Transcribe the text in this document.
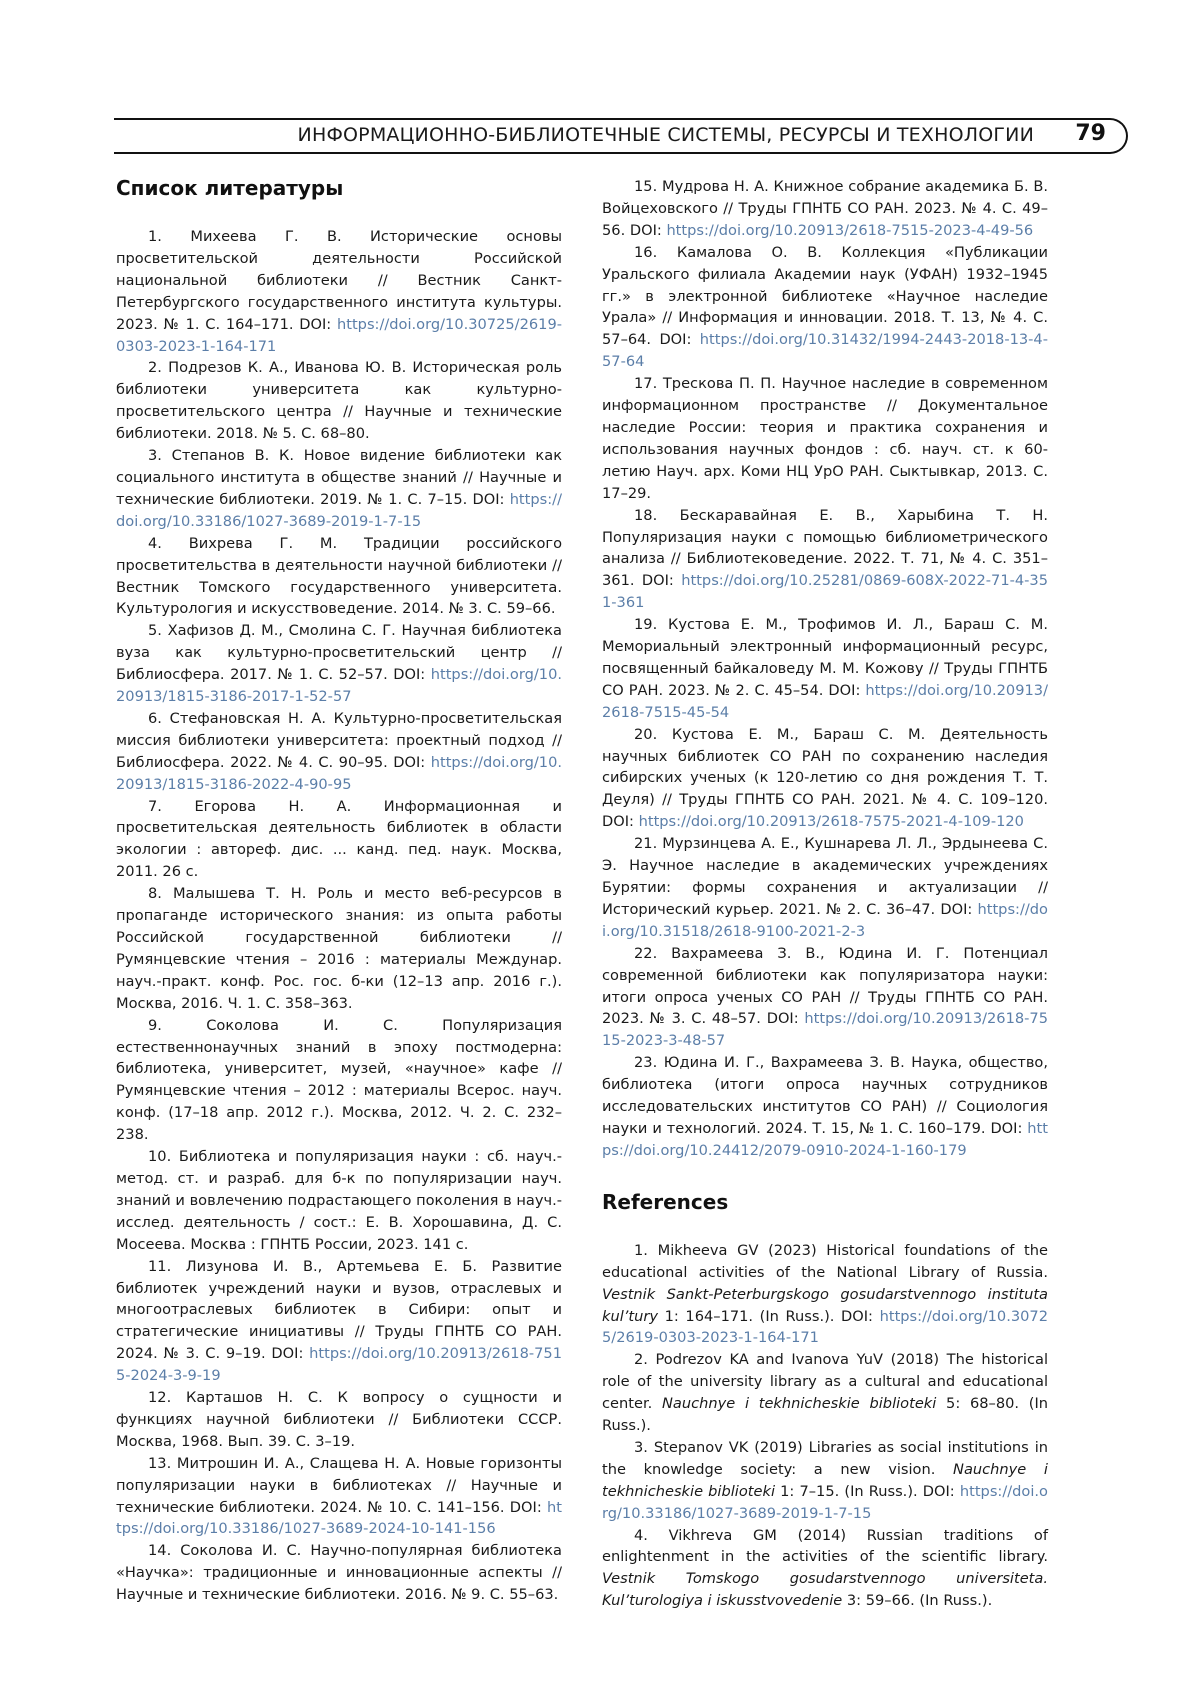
ИНФОРМАЦИОННО-БИБЛИОТЕЧНЫЕ СИСТЕМЫ, РЕСУРСЫ И ТЕХНОЛОГИИ 79
Список литературы

1. Михеева Г. В. Исторические основы просветительской деятельности Российской национальной библиотеки // Вестник Санкт-Петербургского государственного института культуры. 2023. № 1. С. 164–171. DOI: https://doi.org/10.30725/2619-0303-2023-1-164-171

2. Подрезов К. А., Иванова Ю. В. Историческая роль библиотеки университета как культурно-просветительского центра // Научные и технические библиотеки. 2018. № 5. С. 68–80.

3. Степанов В. К. Новое видение библиотеки как социального института в обществе знаний // Научные и технические библиотеки. 2019. № 1. С. 7–15. DOI: https://doi.org/10.33186/1027-3689-2019-1-7-15

4. Вихрева Г. М. Традиции российского просветительства в деятельности научной библиотеки // Вестник Томского государственного университета. Культурология и искусствоведение. 2014. № 3. С. 59–66.

5. Хафизов Д. М., Смолина С. Г. Научная библиотека вуза как культурно-просветительский центр // Библиосфера. 2017. № 1. С. 52–57. DOI: https://doi.org/10.20913/1815-3186-2017-1-52-57

6. Стефановская Н. А. Культурно-просветительская миссия библиотеки университета: проектный подход // Библиосфера. 2022. № 4. С. 90–95. DOI: https://doi.org/10.20913/1815-3186-2022-4-90-95

7. Егорова Н. А. Информационная и просветительская деятельность библиотек в области экологии : автореф. дис. ... канд. пед. наук. Москва, 2011. 26 с.

8. Малышева Т. Н. Роль и место веб-ресурсов в пропаганде исторического знания: из опыта работы Российской государственной библиотеки // Румянцевские чтения – 2016 : материалы Междунар. науч.-практ. конф. Рос. гос. б-ки (12–13 апр. 2016 г.). Москва, 2016. Ч. 1. С. 358–363.

9.	Соколова И. С. Популяризация естественнонаучных знаний в эпоху постмодерна: библиотека, университет, музей, «научное» кафе // Румянцевские чтения – 2012 : материалы Всерос. науч. конф. (17–18 апр. 2012 г.). Москва, 2012. Ч. 2. С. 232–238.

10. Библиотека и популяризация науки : сб. науч.-метод. ст. и разраб. для б-к по популяризации науч. знаний и вовлечению подрастающего поколения в науч.-исслед. деятельность / сост.: Е. В. Хорошавина, Д. С. Мосеева. Москва : ГПНТБ России, 2023. 141 с.

11. Лизунова И. В., Артемьева Е. Б. Развитие библиотек учреждений науки и вузов, отраслевых и многоотраслевых библиотек в Сибири: опыт и стратегические инициативы // Труды ГПНТБ СО РАН. 2024. № 3. С. 9–19. DOI: https://doi.org/10.20913/2618-7515-2024-3-9-19

12. Карташов Н. С. К вопросу о сущности и функциях научной библиотеки // Библиотеки СССР. Москва, 1968. Вып. 39. С. 3–19.

13. Митрошин И. А., Слащева Н. А. Новые горизонты популяризации науки в библиотеках // Научные и технические библиотеки. 2024. № 10. С. 141–156. DOI: https://doi.org/10.33186/1027-3689-2024-10-141-156

14. Соколова И. С. Научно-популярная библиотека «Научка»: традиционные и инновационные аспекты // Научные и технические библиотеки. 2016. № 9. С. 55–63.

15. Мудрова Н. А. Книжное собрание академика Б. В. Войцеховского // Труды ГПНТБ СО РАН. 2023. № 4. С. 49–56. DOI: https://doi.org/10.20913/2618-7515-2023-4-49-56

16. Камалова О. В. Коллекция «Публикации Уральского филиала Академии наук (УФАН) 1932–1945 гг.» в электронной библиотеке «Научное наследие Урала» // Информация и инновации. 2018. Т. 13, № 4. С. 57–64. DOI: https://doi.org/10.31432/1994-2443-2018-13-4-57-64

17. Трескова П. П. Научное наследие в современном информационном пространстве // Документальное наследие России: теория и практика сохранения и использования научных фондов : сб. науч. ст. к 60-летию Науч. арх. Коми НЦ УрО РАН. Сыктывкар, 2013. С. 17–29.

18. Бескаравайная Е. В., Харыбина Т. Н. Популяризация науки с помощью библиометрического анализа // Библиотековедение. 2022. Т. 71, № 4. С. 351–361. DOI: https://doi.org/10.25281/0869-608X-2022-71-4-351-361

19. Кустова Е. М., Трофимов И. Л., Бараш С. М. Мемориальный электронный информационный ресурс, посвященный байкаловеду М. М. Кожову // Труды ГПНТБ СО РАН. 2023. № 2. С. 45–54. DOI: https://doi.org/10.20913/2618-7515-45-54

20. Кустова Е. М., Бараш С. М. Деятельность научных библиотек СО РАН по сохранению наследия сибирских ученых (к 120-летию со дня рождения Т. Т. Деуля) // Труды ГПНТБ СО РАН. 2021. № 4. С. 109–120. DOI: https://doi.org/10.20913/2618-7575-2021-4-109-120

21. Мурзинцева А. Е., Кушнарева Л. Л., Эрдынеева С. Э. Научное наследие в академических учреждениях Бурятии: формы сохранения и актуализации // Исторический курьер. 2021. № 2. С. 36–47. DOI: https://doi.org/10.31518/2618-9100-2021-2-3

22. Вахрамеева З. В., Юдина И. Г. Потенциал современной библиотеки как популяризатора науки: итоги опроса ученых СО РАН // Труды ГПНТБ СО РАН. 2023. № 3. С. 48–57. DOI: https://doi.org/10.20913/2618-7515-2023-3-48-57

23. Юдина И. Г., Вахрамеева З. В. Наука, общество, библиотека (итоги опроса научных сотрудников исследовательских институтов СО РАН) // Социология науки и технологий. 2024. Т. 15, № 1. С. 160–179. DOI: https://doi.org/10.24412/2079-0910-2024-1-160-179

References

1. Mikheeva GV (2023) Historical foundations of the educational activities of the National Library of Russia. Vestnik Sankt-Peterburgskogo gosudarstvennogo instituta kul’tury 1: 164–171. (In Russ.). DOI: https://doi.org/10.30725/2619-0303-2023-1-164-171

2. Podrezov KA and Ivanova YuV (2018) The historical role of the university library as a cultural and educational center. Nauchnye i tekhnicheskie biblioteki 5: 68–80. (In Russ.).

3. Stepanov VK (2019) Libraries as social institutions in the knowledge society: a new vision. Nauchnye i tekhnicheskie biblioteki 1: 7–15. (In Russ.). DOI: https://doi.org/10.33186/1027-3689-2019-1-7-15

4. Vikhreva GM (2014) Russian traditions of enlightenment in the activities of the scientific library. Vestnik Tomskogo gosudarstvennogo universiteta. Kul’turologiya i iskusstvovedenie 3: 59–66. (In Russ.).
